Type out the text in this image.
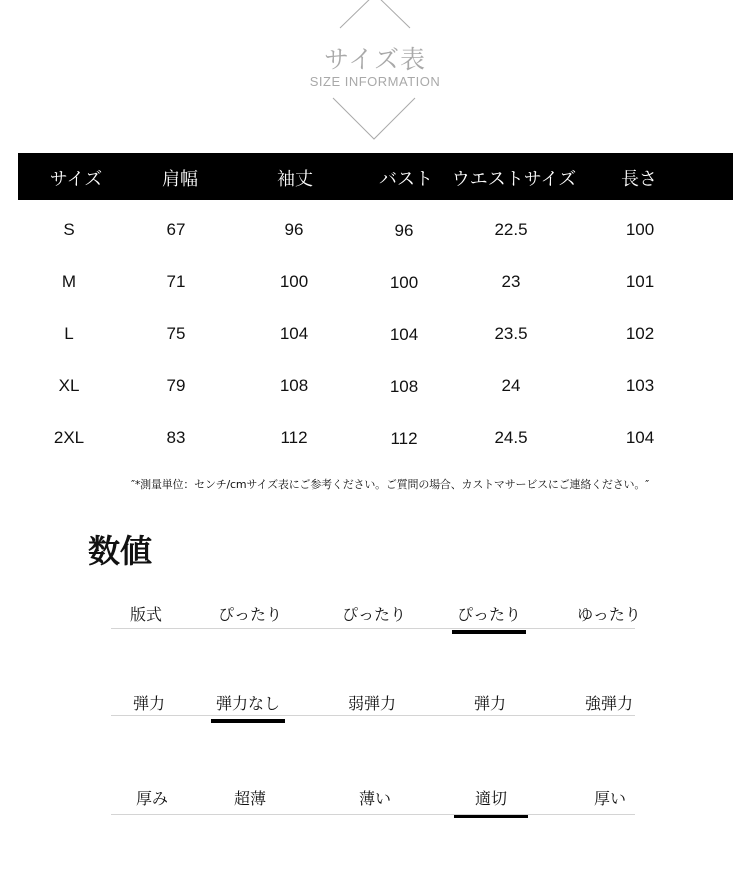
サイズ表
SIZE INFORMATION
サイズ	肩幅	袖丈	バスト ウエストサイズ 長さ
S	67	96	96	22.5	100
M	71	100	100	23	101
L	75	104	104	23.5	102
XL	79	108	108	24	103
2XL	83	112	112	24.5	104
″*測量単位：センチ/cmサイズ表にご参考ください。ご質問の場合、カストマサービスにご連絡ください。″
数値
版式	ぴったり	ぴったり	ぴったり	ゆったり
弾力	弾力なし	弱弾力	弾力	強弾力
厚み	超薄	薄い	適切	厚い
